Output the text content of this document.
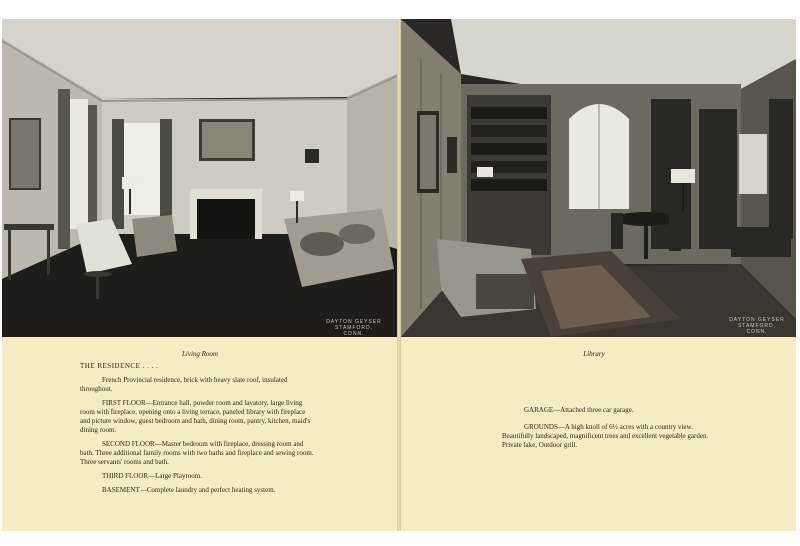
DAYTON GEYSER
STAMFORD, CONN.
Living Room

THE RESIDENCE . . . .

French Provincial residence, brick with heavy slate roof, insulated throughout.

FIRST FLOOR—Entrance hall, powder room and lavatory, large living room with fireplace, opening onto a living terrace, paneled library with fireplace and picture window, guest bedroom and bath, dining room, pantry, kitchen, maid's dining room.

SECOND FLOOR—Master bedroom with fireplace, dressing room and bath. Three additional family rooms with two baths and fireplace and sewing room. Three servants' rooms and bath.

THIRD FLOOR—Large Playroom.

BASEMENT—Complete laundry and perfect heating system.

DAYTON GEYSER
STAMFORD, CONN.
Library

GARAGE—Attached three car garage.

GROUNDS—A high knoll of 6½ acres with a country view. Beautifully landscaped, magnificent trees and excellent vegetable garden. Private lake, Outdoor grill.
